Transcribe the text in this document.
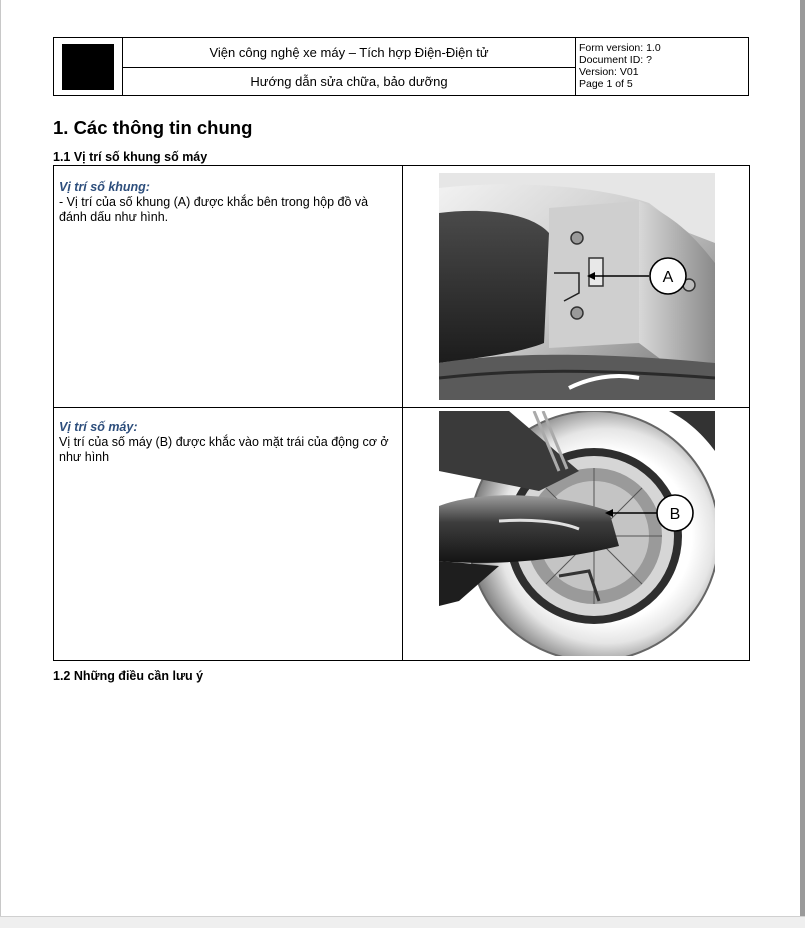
Viện công nghệ xe máy – Tích hợp Điện-Điện tử
Hướng dẫn sửa chữa, bảo dưỡng
Form version: 1.0
Document ID: ?
Version: V01
Page 1 of 5
1. Các thông tin chung
1.1 Vị trí số khung số máy
Vị trí số khung:
- Vị trí của số khung (A) được khắc bên trong hộp đồ và đánh dấu như hình.
A
Vị trí số máy:
Vị trí của số máy (B) được khắc vào mặt trái của động cơ ở như hình
B
1.2 Những điều cần lưu ý
